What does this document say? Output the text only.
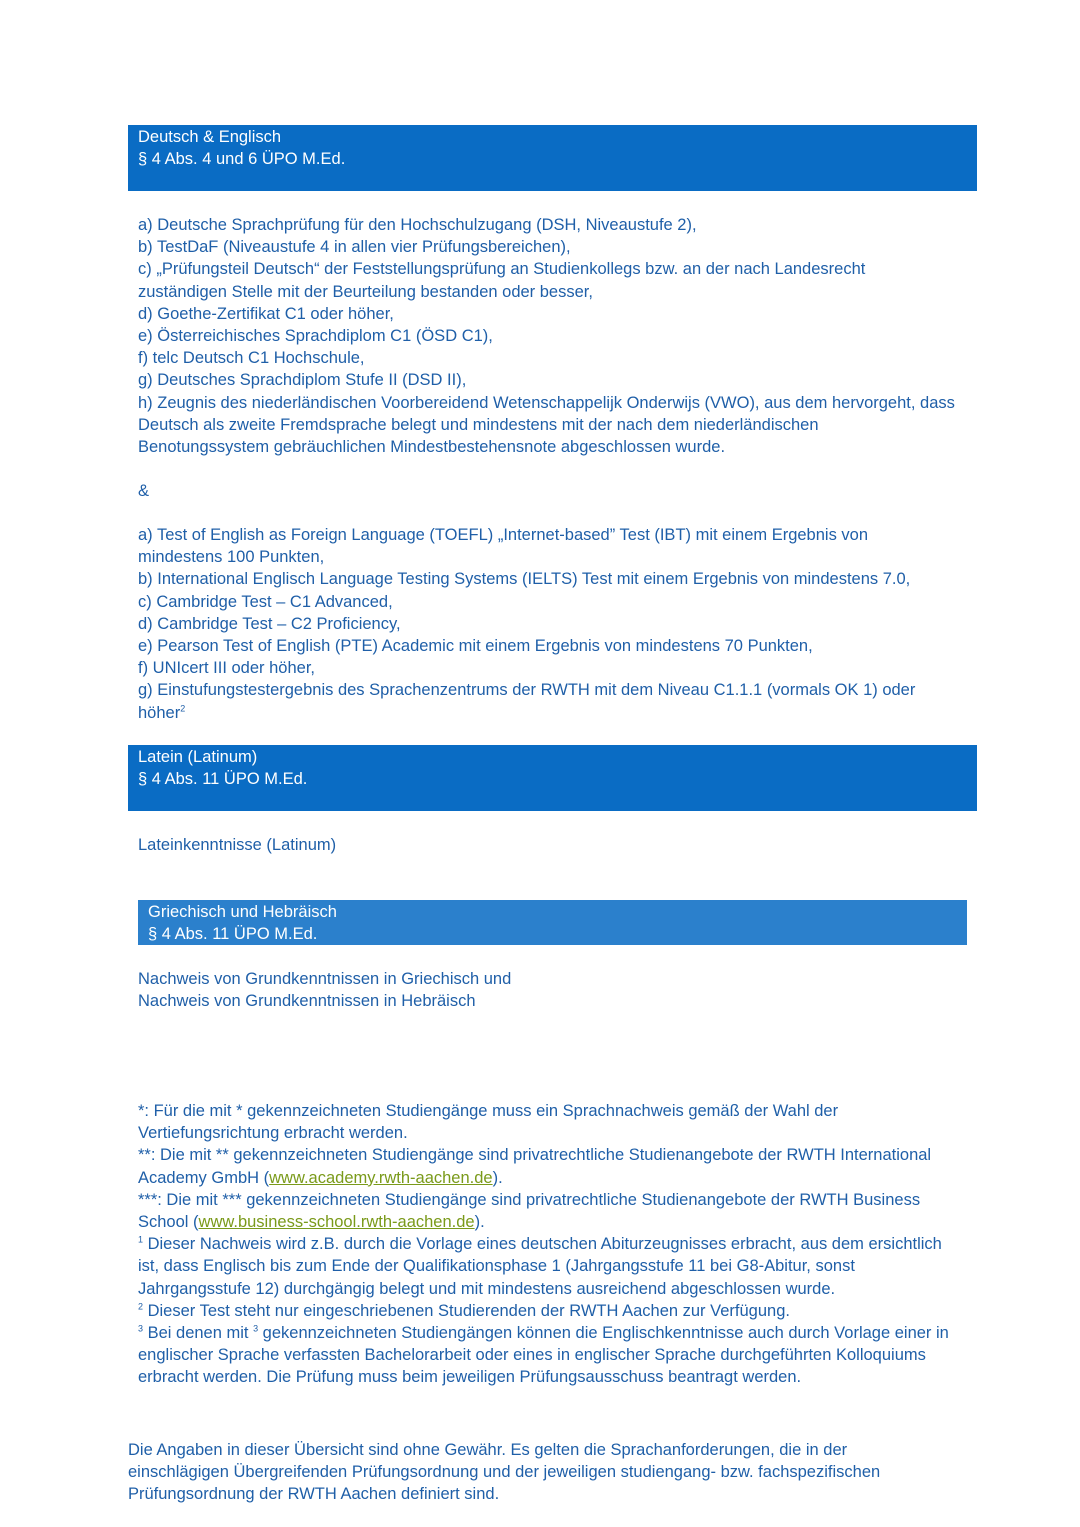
Deutsch & Englisch
§ 4 Abs. 4 und 6 ÜPO M.Ed.
a) Deutsche Sprachprüfung für den Hochschulzugang (DSH, Niveaustufe 2),
b) TestDaF (Niveaustufe 4 in allen vier Prüfungsbereichen),
c) „Prüfungsteil Deutsch“ der Feststellungsprüfung an Studienkollegs bzw. an der nach Landesrecht
zuständigen Stelle mit der Beurteilung bestanden oder besser,
d) Goethe-Zertifikat C1 oder höher,
e) Österreichisches Sprachdiplom C1 (ÖSD C1),
f) telc Deutsch C1 Hochschule,
g) Deutsches Sprachdiplom Stufe II (DSD II),
h) Zeugnis des niederländischen Voorbereidend Wetenschappelijk Onderwijs (VWO), aus dem hervorgeht, dass
Deutsch als zweite Fremdsprache belegt und mindestens mit der nach dem niederländischen
Benotungssystem gebräuchlichen Mindestbestehensnote abgeschlossen wurde.
&
a) Test of English as Foreign Language (TOEFL) „Internet-based” Test (IBT) mit einem Ergebnis von
mindestens 100 Punkten,
b) International Englisch Language Testing Systems (IELTS) Test mit einem Ergebnis von mindestens 7.0,
c) Cambridge Test – C1 Advanced,
d) Cambridge Test – C2 Proficiency,
e) Pearson Test of English (PTE) Academic mit einem Ergebnis von mindestens 70 Punkten,
f) UNIcert III oder höher,
g) Einstufungstestergebnis des Sprachenzentrums der RWTH mit dem Niveau C1.1.1 (vormals OK 1) oder
höher$^2$
Latein (Latinum)
§ 4 Abs. 11 ÜPO M.Ed.
Lateinkenntnisse (Latinum)
Griechisch und Hebräisch
§ 4 Abs. 11 ÜPO M.Ed.
Nachweis von Grundkenntnissen in Griechisch und
Nachweis von Grundkenntnissen in Hebräisch
*: Für die mit * gekennzeichneten Studiengänge muss ein Sprachnachweis gemäß der Wahl der
Vertiefungsrichtung erbracht werden.
**: Die mit ** gekennzeichneten Studiengänge sind privatrechtliche Studienangebote der RWTH International
Academy GmbH (www.academy.rwth-aachen.de).
***: Die mit *** gekennzeichneten Studiengänge sind privatrechtliche Studienangebote der RWTH Business
School (www.business-school.rwth-aachen.de).
$^1$ Dieser Nachweis wird z.B. durch die Vorlage eines deutschen Abiturzeugnisses erbracht, aus dem ersichtlich
ist, dass Englisch bis zum Ende der Qualifikationsphase 1 (Jahrgangsstufe 11 bei G8-Abitur, sonst
Jahrgangsstufe 12) durchgängig belegt und mit mindestens ausreichend abgeschlossen wurde.
$^2$ Dieser Test steht nur eingeschriebenen Studierenden der RWTH Aachen zur Verfügung.
$^3$ Bei denen mit $^3$ gekennzeichneten Studiengängen können die Englischkenntnisse auch durch Vorlage einer in
englischer Sprache verfassten Bachelorarbeit oder eines in englischer Sprache durchgeführten Kolloquiums
erbracht werden. Die Prüfung muss beim jeweiligen Prüfungsausschuss beantragt werden.
Die Angaben in dieser Übersicht sind ohne Gewähr. Es gelten die Sprachanforderungen, die in der
einschlägigen Übergreifenden Prüfungsordnung und der jeweiligen studiengang- bzw. fachspezifischen
Prüfungsordnung der RWTH Aachen definiert sind.
